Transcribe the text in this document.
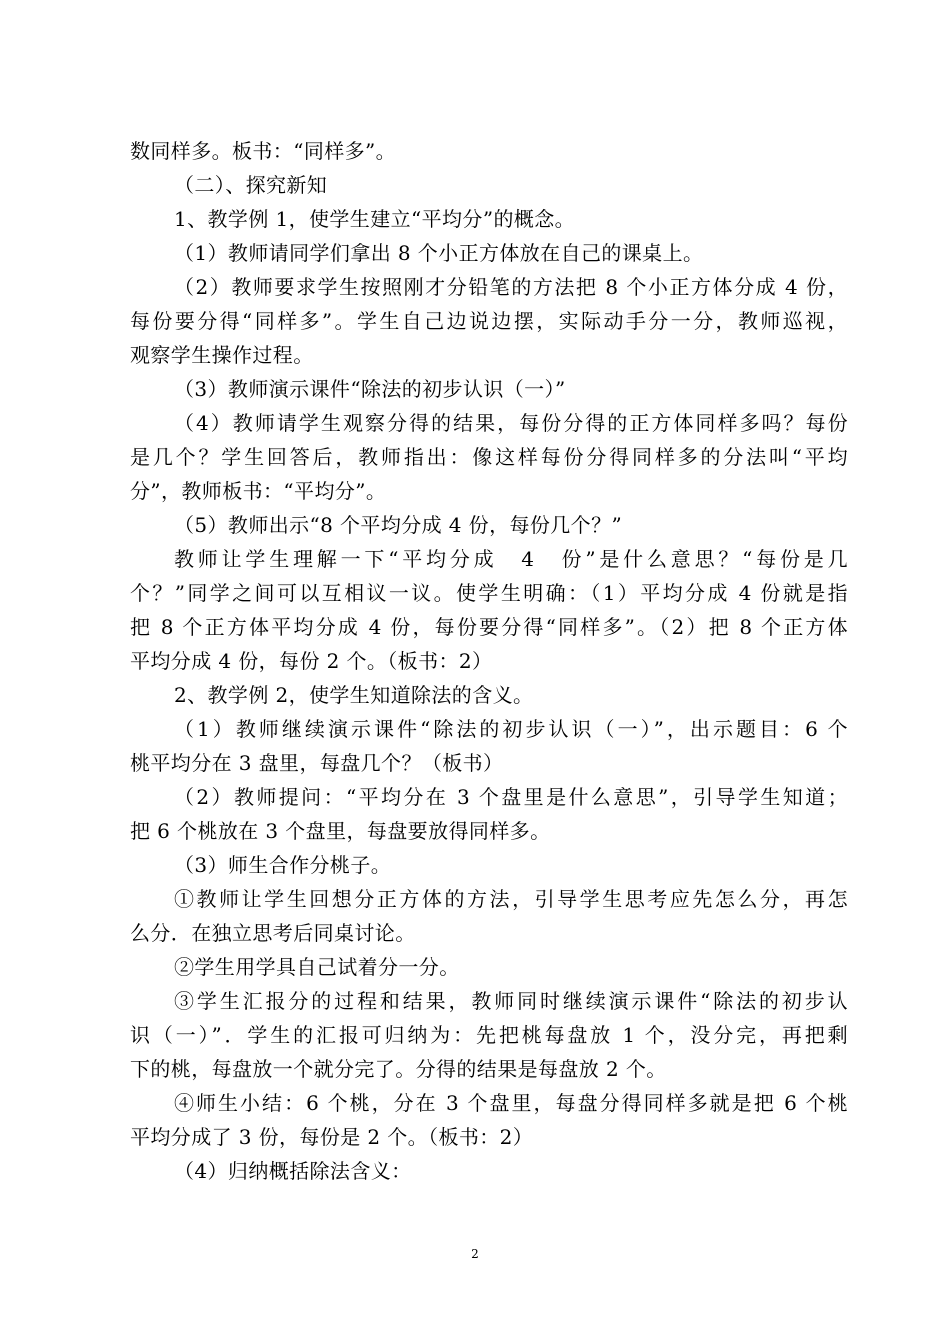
数同样多。板书：“同样多”。
（二）、探究新知
1、教学例 1，使学生建立“平均分”的概念。
（1）教师请同学们拿出 8 个小正方体放在自己的课桌上。
（2）教师要求学生按照刚才分铅笔的方法把 8 个小正方体分成 4 份，
每份要分得“同样多”。学生自己边说边摆，实际动手分一分，教师巡视，
观察学生操作过程。
（3）教师演示课件“除法的初步认识（一）”
（4）教师请学生观察分得的结果，每份分得的正方体同样多吗？每份
是几个？学生回答后，教师指出：像这样每份分得同样多的分法叫“平均
分”，教师板书：“平均分”。
（5）教师出示“8 个平均分成 4 份，每份几个？”
教师让学生理解一下“平均分成　4　份”是什么意思？“每份是几
个？”同学之间可以互相议一议。使学生明确：（1）平均分成 4 份就是指
把 8 个正方体平均分成 4 份，每份要分得“同样多”。（2）把 8 个正方体
平均分成 4 份，每份 2 个。（板书：2）
2、教学例 2，使学生知道除法的含义。
（1）教师继续演示课件“除法的初步认识（一）”，出示题目：6 个
桃平均分在 3 盘里，每盘几个？（板书）
（2）教师提问：“平均分在 3 个盘里是什么意思”，引导学生知道；
把 6 个桃放在 3 个盘里，每盘要放得同样多。
（3）师生合作分桃子。
①教师让学生回想分正方体的方法，引导学生思考应先怎么分，再怎
么分．在独立思考后同桌讨论。
②学生用学具自己试着分一分。
③学生汇报分的过程和结果，教师同时继续演示课件“除法的初步认
识（一）”．学生的汇报可归纳为：先把桃每盘放 1 个，没分完，再把剩
下的桃，每盘放一个就分完了。分得的结果是每盘放 2 个。
④师生小结：6 个桃，分在 3 个盘里，每盘分得同样多就是把 6 个桃
平均分成了 3 份，每份是 2 个。（板书：2）
（4）归纳概括除法含义：
2
